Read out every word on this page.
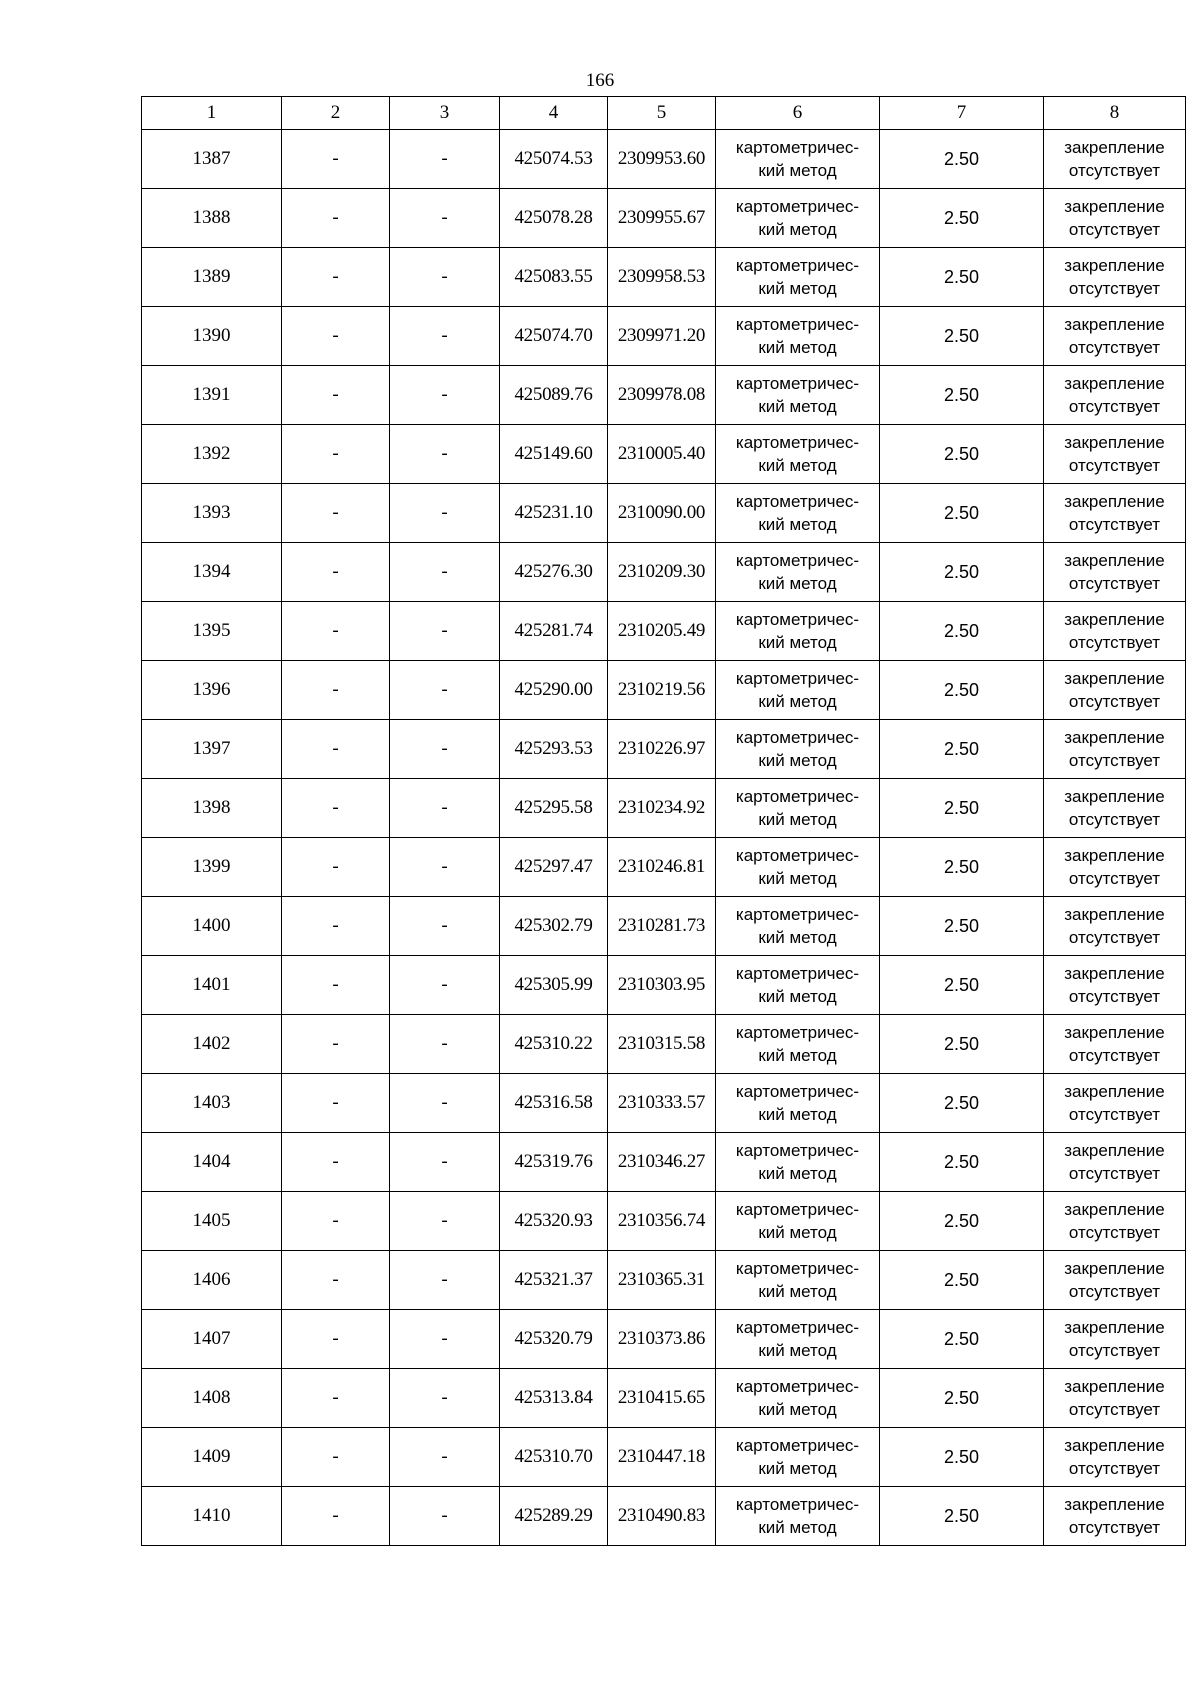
166
1	2	3	4	5	6	7	8
1387	-	-	425074.53	2309953.60	картометричес-
кий метод	2.50	закрепление
отсутствует

1388	-	-	425078.28	2309955.67	картометричес-
кий метод	2.50	закрепление
отсутствует

1389	-	-	425083.55	2309958.53	картометричес-
кий метод	2.50	закрепление
отсутствует

1390	-	-	425074.70	2309971.20	картометричес-
кий метод	2.50	закрепление
отсутствует

1391	-	-	425089.76	2309978.08	картометричес-
кий метод	2.50	закрепление
отсутствует

1392	-	-	425149.60	2310005.40	картометричес-
кий метод	2.50	закрепление
отсутствует

1393	-	-	425231.10	2310090.00	картометричес-
кий метод	2.50	закрепление
отсутствует

1394	-	-	425276.30	2310209.30	картометричес-
кий метод	2.50	закрепление
отсутствует

1395	-	-	425281.74	2310205.49	картометричес-
кий метод	2.50	закрепление
отсутствует

1396	-	-	425290.00	2310219.56	картометричес-
кий метод	2.50	закрепление
отсутствует

1397	-	-	425293.53	2310226.97	картометричес-
кий метод	2.50	закрепление
отсутствует

1398	-	-	425295.58	2310234.92	картометричес-
кий метод	2.50	закрепление
отсутствует

1399	-	-	425297.47	2310246.81	картометричес-
кий метод	2.50	закрепление
отсутствует

1400	-	-	425302.79	2310281.73	картометричес-
кий метод	2.50	закрепление
отсутствует

1401	-	-	425305.99	2310303.95	картометричес-
кий метод	2.50	закрепление
отсутствует

1402	-	-	425310.22	2310315.58	картометричес-
кий метод	2.50	закрепление
отсутствует

1403	-	-	425316.58	2310333.57	картометричес-
кий метод	2.50	закрепление
отсутствует

1404	-	-	425319.76	2310346.27	картометричес-
кий метод	2.50	закрепление
отсутствует

1405	-	-	425320.93	2310356.74	картометричес-
кий метод	2.50	закрепление
отсутствует

1406	-	-	425321.37	2310365.31	картометричес-
кий метод	2.50	закрепление
отсутствует

1407	-	-	425320.79	2310373.86	картометричес-
кий метод	2.50	закрепление
отсутствует

1408	-	-	425313.84	2310415.65	картометричес-
кий метод	2.50	закрепление
отсутствует

1409	-	-	425310.70	2310447.18	картометричес-
кий метод	2.50	закрепление
отсутствует

1410	-	-	425289.29	2310490.83	картометричес-
кий метод	2.50	закрепление
отсутствует
